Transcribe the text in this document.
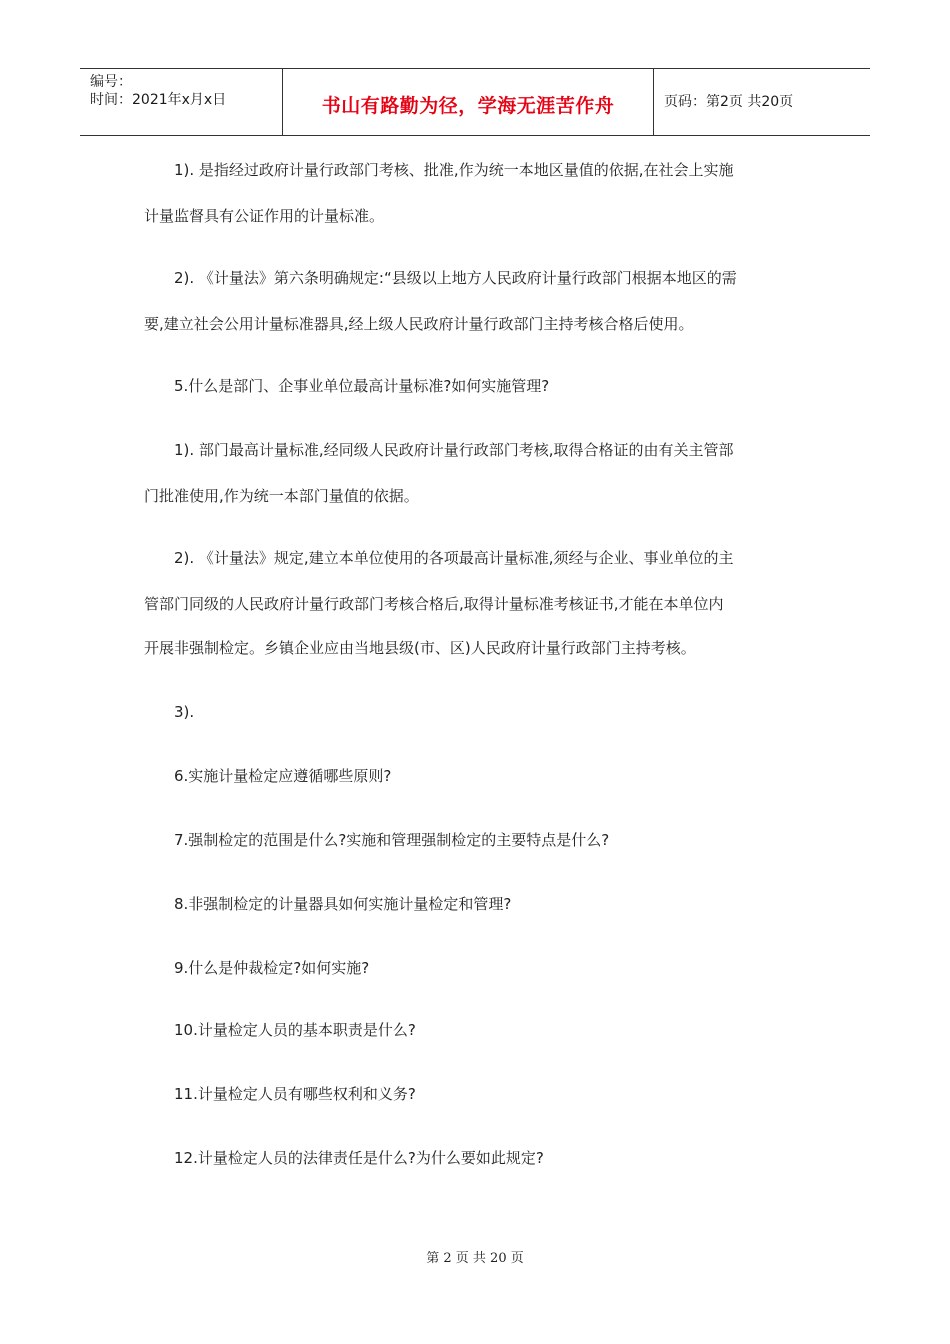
编号：
时间：2021年x月x日	书山有路勤为径，学海无涯苦作舟	页码：第2页 共20页
　　1). 是指经过政府计量行政部门考核、批准,作为统一本地区量值的依据,在社会上实施
计量监督具有公证作用的计量标准。
　　2). 《计量法》第六条明确规定:“县级以上地方人民政府计量行政部门根据本地区的需
要,建立社会公用计量标准器具,经上级人民政府计量行政部门主持考核合格后使用。
　　5.什么是部门、企事业单位最高计量标准?如何实施管理?
　　1). 部门最高计量标准,经同级人民政府计量行政部门考核,取得合格证的由有关主管部
门批准使用,作为统一本部门量值的依据。
　　2). 《计量法》规定,建立本单位使用的各项最高计量标准,须经与企业、事业单位的主
管部门同级的人民政府计量行政部门考核合格后,取得计量标准考核证书,才能在本单位内
开展非强制检定。乡镇企业应由当地县级(市、区)人民政府计量行政部门主持考核。
　　3).
　　6.实施计量检定应遵循哪些原则?
　　7.强制检定的范围是什么?实施和管理强制检定的主要特点是什么?
　　8.非强制检定的计量器具如何实施计量检定和管理?
　　9.什么是仲裁检定?如何实施?
　　10.计量检定人员的基本职责是什么?
　　11.计量检定人员有哪些权利和义务?
　　12.计量检定人员的法律责任是什么?为什么要如此规定?
第 2 页 共 20 页
